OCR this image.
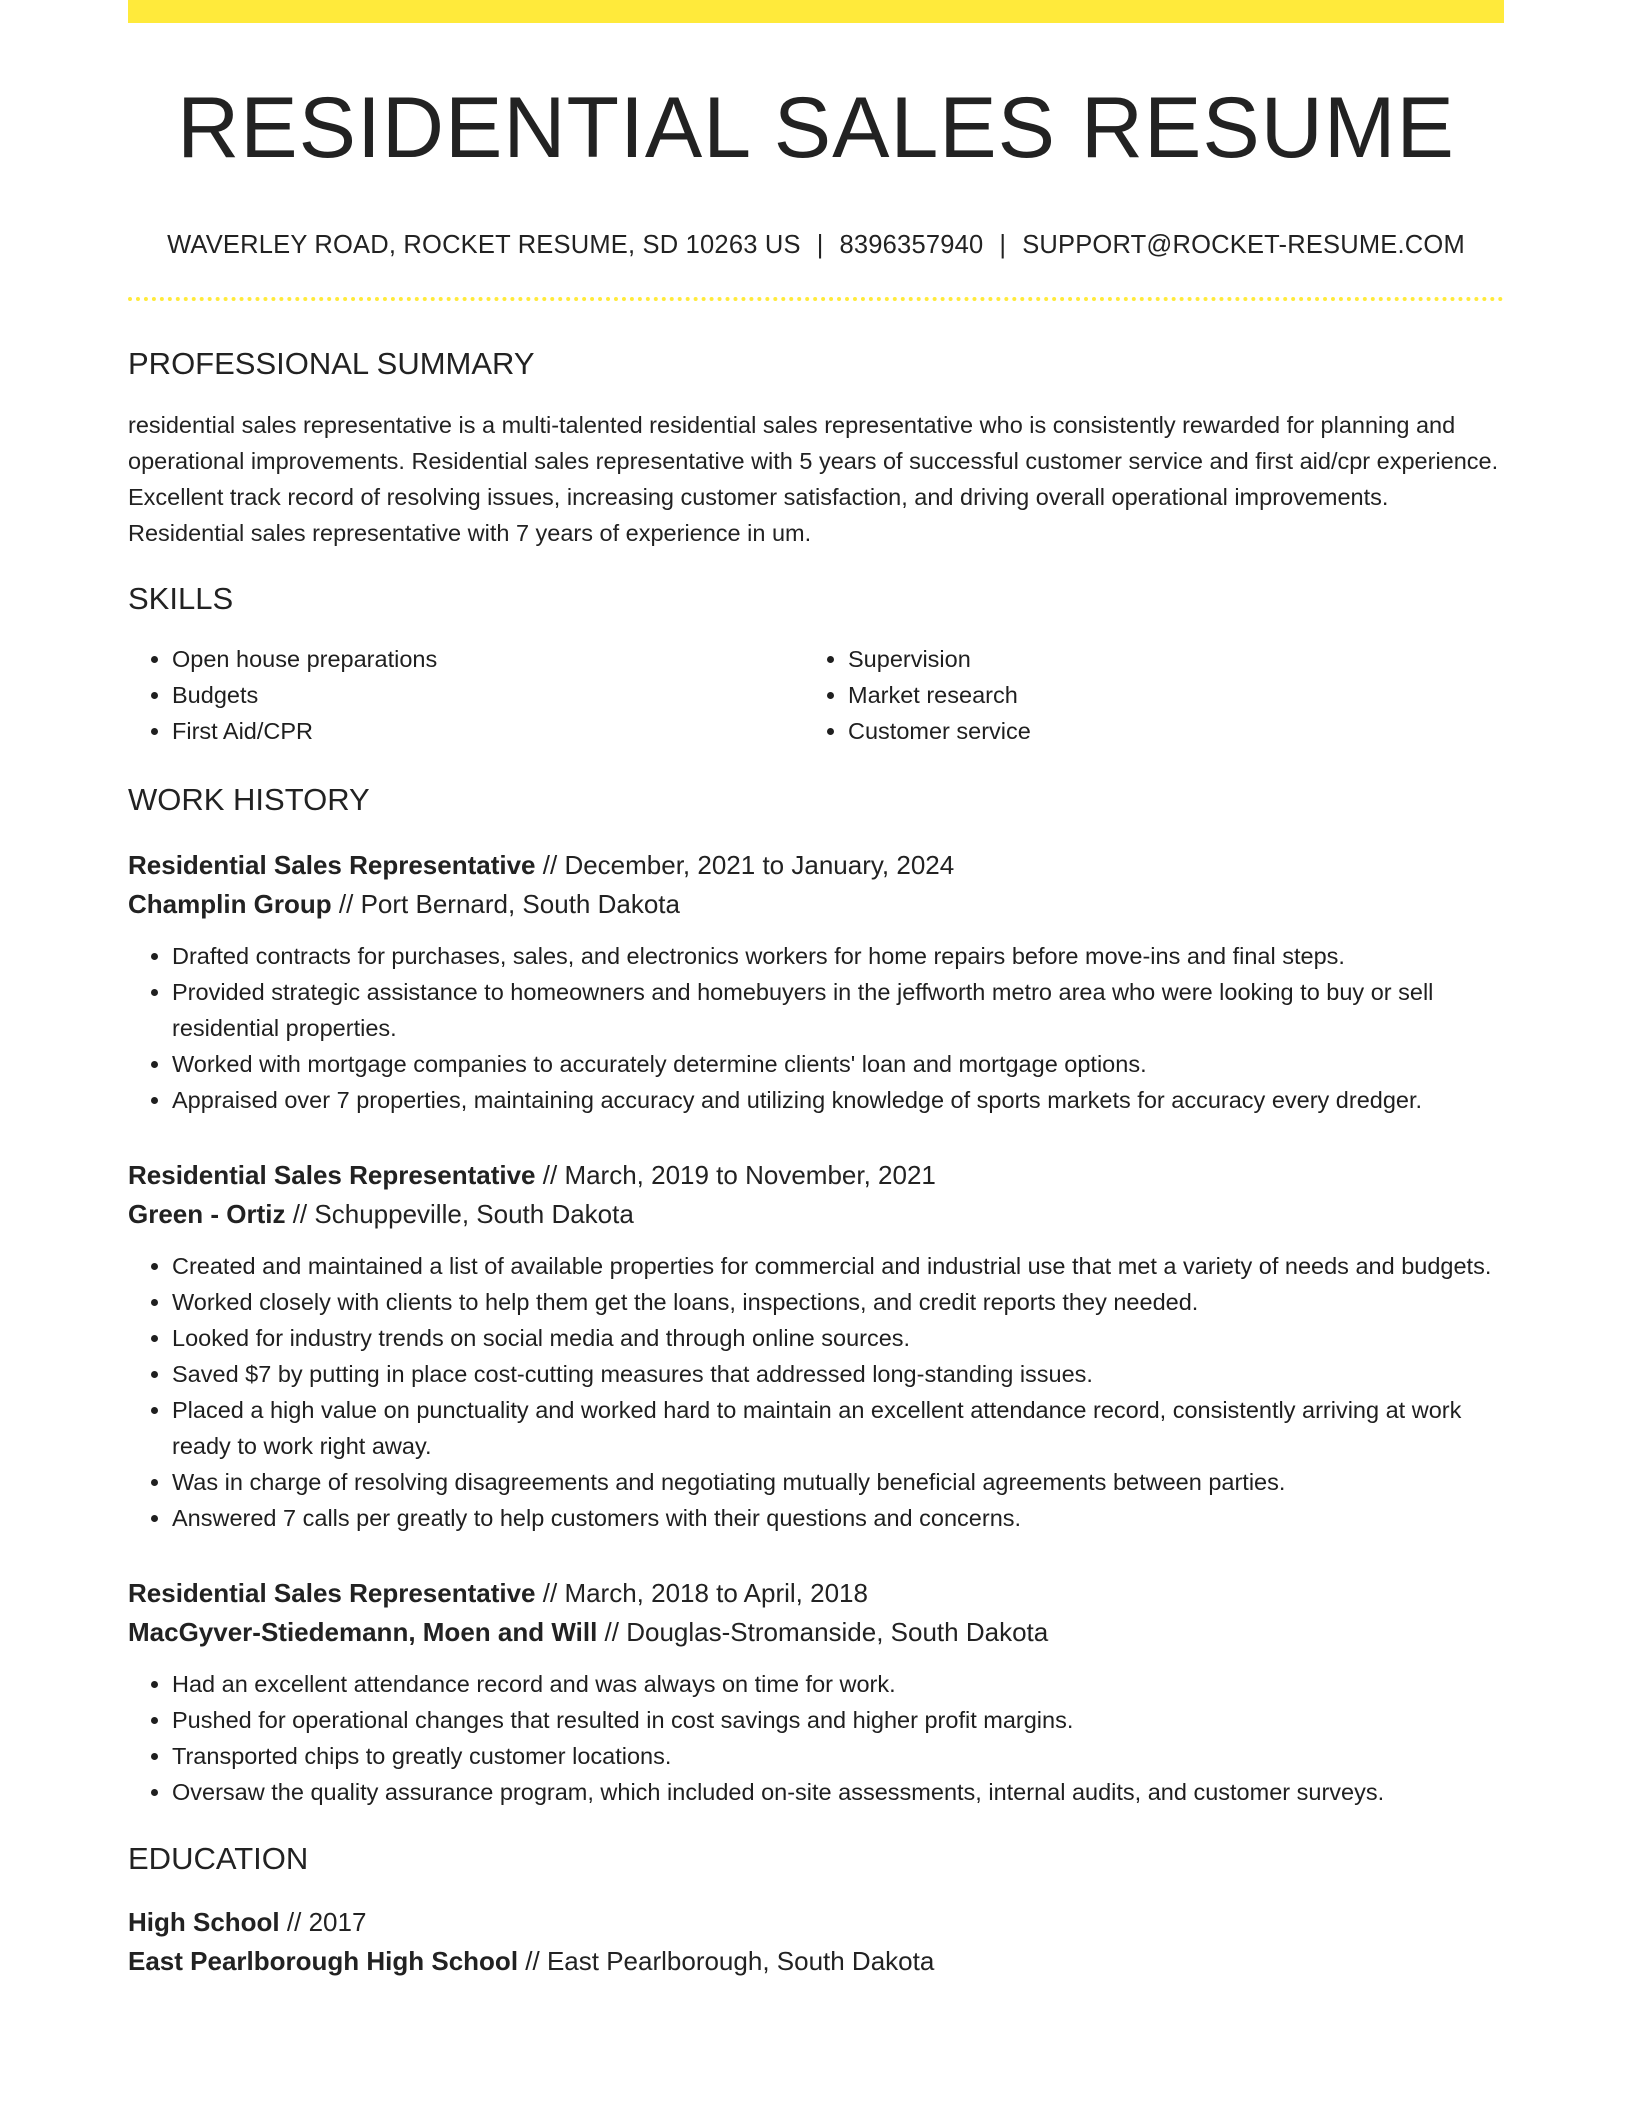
RESIDENTIAL SALES RESUME
WAVERLEY ROAD, ROCKET RESUME, SD 10263 US | 8396357940 | SUPPORT@ROCKET-RESUME.COM
PROFESSIONAL SUMMARY

residential sales representative is a multi-talented residential sales representative who is consistently rewarded for planning and operational improvements. Residential sales representative with 5 years of successful customer service and first aid/cpr experience. Excellent track record of resolving issues, increasing customer satisfaction, and driving overall operational improvements. Residential sales representative with 7 years of experience in um.

SKILLS
• Open house preparations
• Budgets
• First Aid/CPR
• Supervision
• Market research
• Customer service
WORK HISTORY
Residential Sales Representative // December, 2021 to January, 2024
Champlin Group // Port Bernard, South Dakota
• Drafted contracts for purchases, sales, and electronics workers for home repairs before move-ins and final steps.
• Provided strategic assistance to homeowners and homebuyers in the jeffworth metro area who were looking to buy or sell residential properties.
• Worked with mortgage companies to accurately determine clients' loan and mortgage options.
• Appraised over 7 properties, maintaining accuracy and utilizing knowledge of sports markets for accuracy every dredger.
Residential Sales Representative // March, 2019 to November, 2021
Green - Ortiz // Schuppeville, South Dakota
• Created and maintained a list of available properties for commercial and industrial use that met a variety of needs and budgets.
• Worked closely with clients to help them get the loans, inspections, and credit reports they needed.
• Looked for industry trends on social media and through online sources.
• Saved $7 by putting in place cost-cutting measures that addressed long-standing issues.
• Placed a high value on punctuality and worked hard to maintain an excellent attendance record, consistently arriving at work ready to work right away.
• Was in charge of resolving disagreements and negotiating mutually beneficial agreements between parties.
• Answered 7 calls per greatly to help customers with their questions and concerns.
Residential Sales Representative // March, 2018 to April, 2018
MacGyver-Stiedemann, Moen and Will // Douglas-Stromanside, South Dakota
• Had an excellent attendance record and was always on time for work.
• Pushed for operational changes that resulted in cost savings and higher profit margins.
• Transported chips to greatly customer locations.
• Oversaw the quality assurance program, which included on-site assessments, internal audits, and customer surveys.
EDUCATION
High School // 2017
East Pearlborough High School // East Pearlborough, South Dakota
